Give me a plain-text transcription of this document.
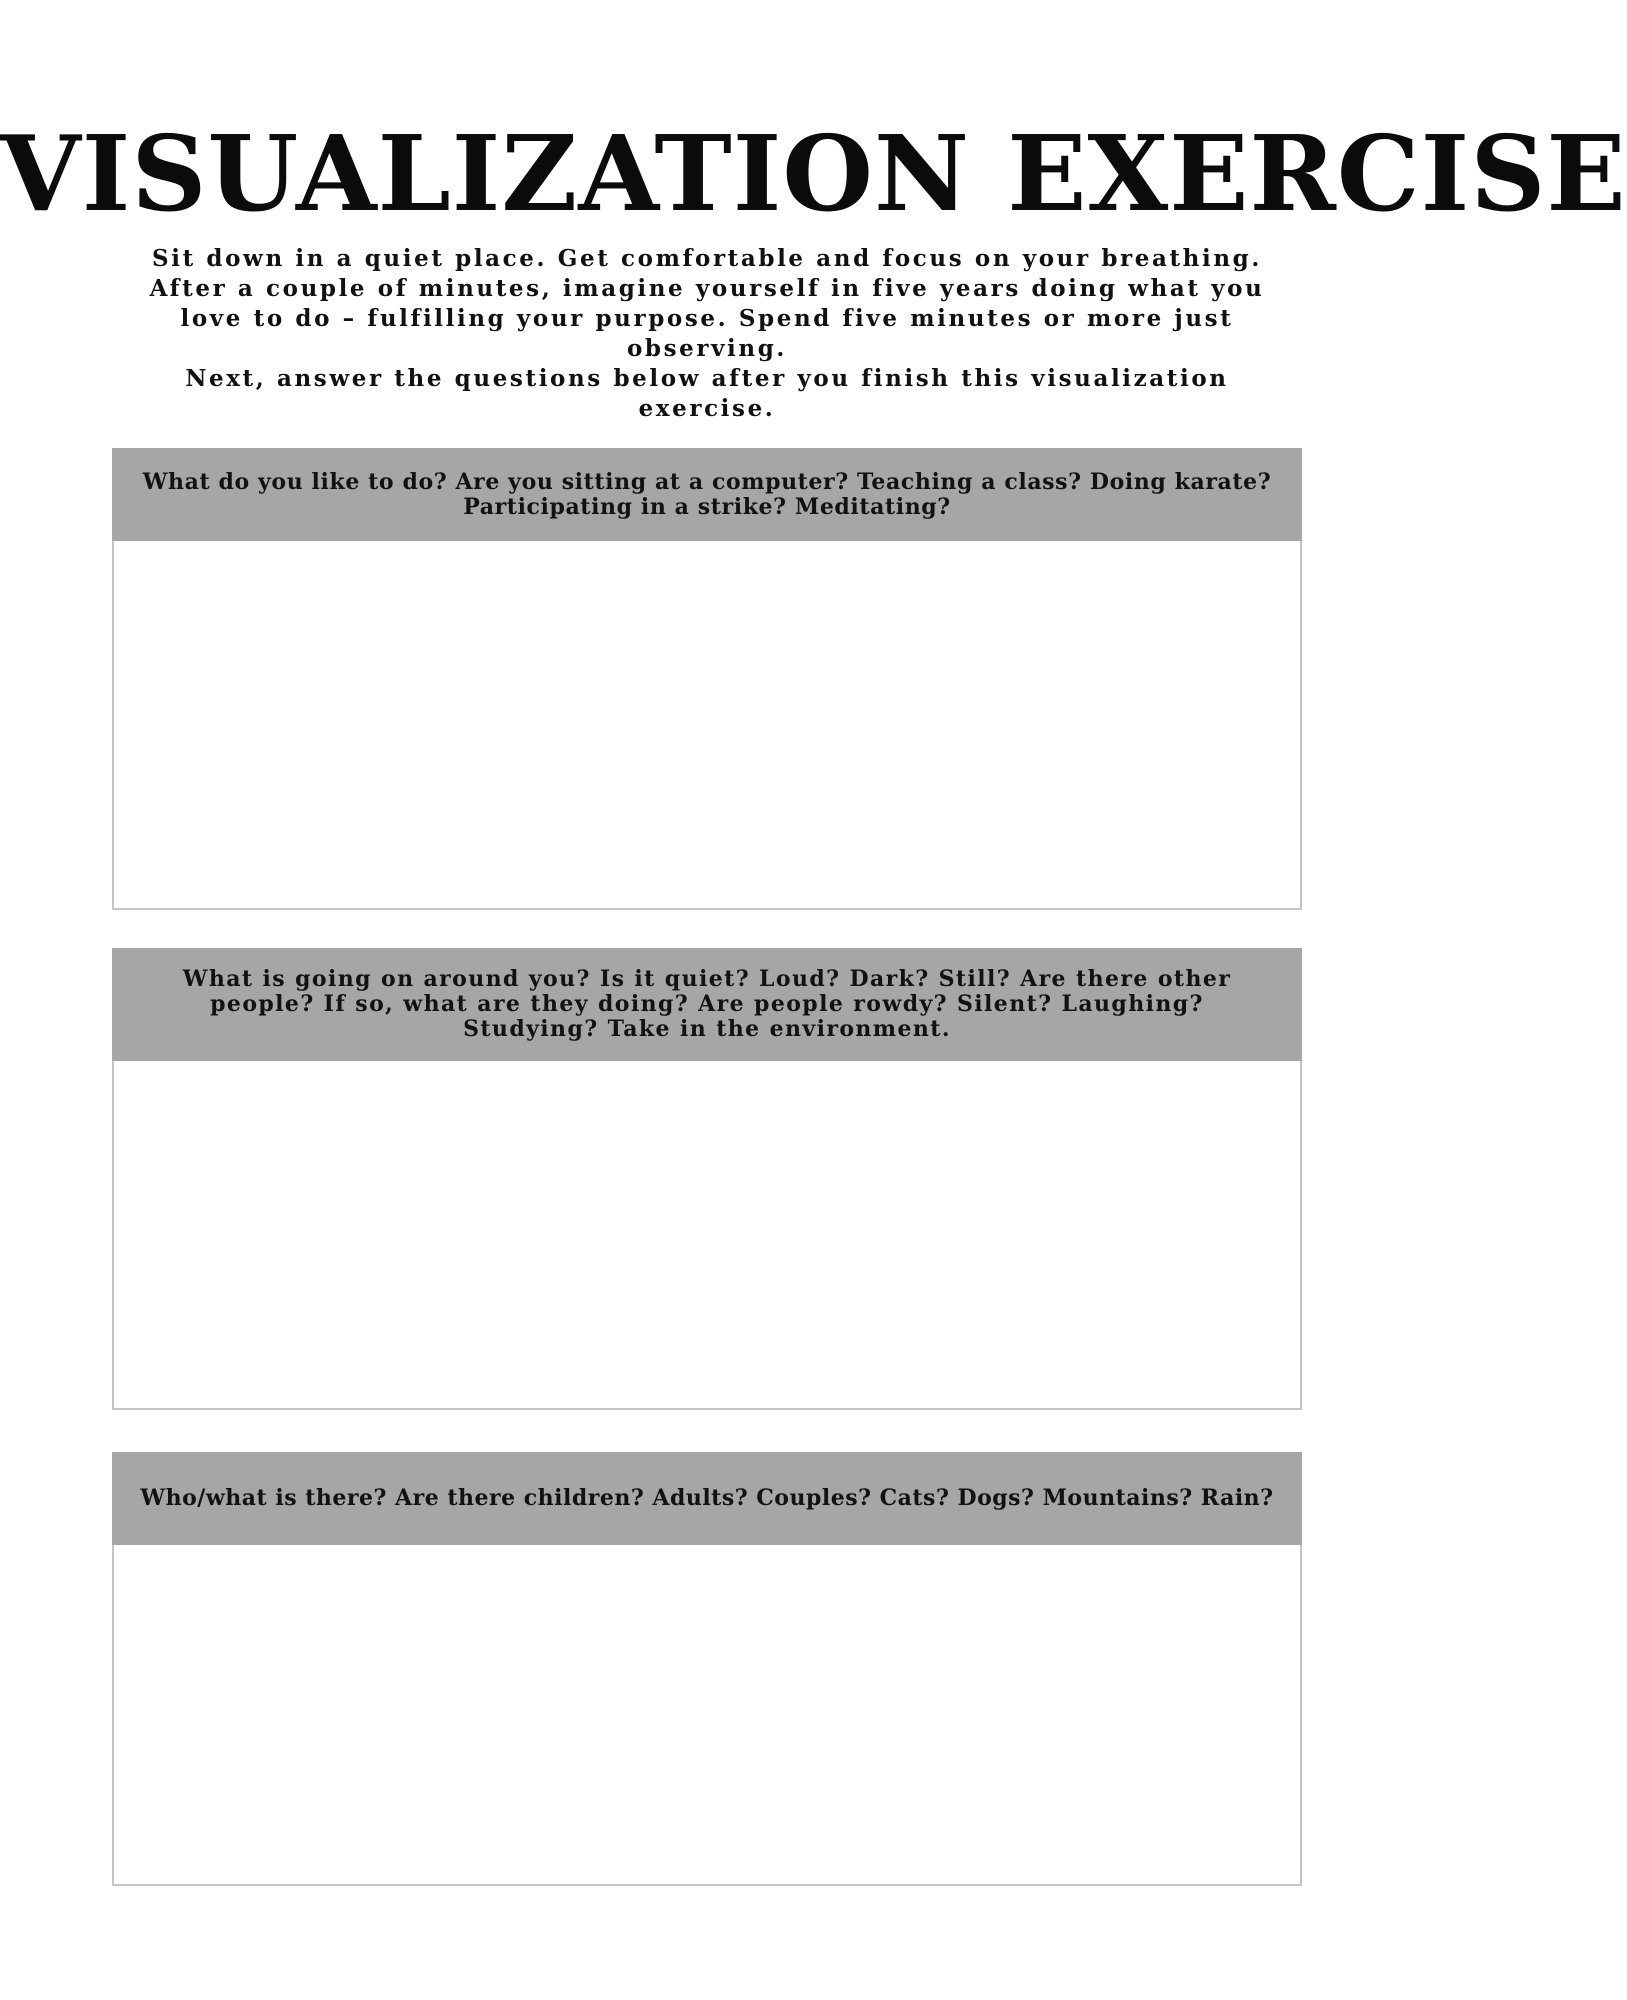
VISUALIZATION EXERCISE

Sit down in a quiet place. Get comfortable and focus on your breathing. After a couple of minutes, imagine yourself in five years doing what you love to do – fulfilling your purpose. Spend five minutes or more just observing.

Next, answer the questions below after you finish this visualization exercise.

What do you like to do? Are you sitting at a computer? Teaching a class? Doing karate? Participating in a strike? Meditating?
What is going on around you? Is it quiet? Loud? Dark? Still? Are there other people? If so, what are they doing? Are people rowdy? Silent? Laughing? Studying? Take in the environment.
Who/what is there? Are there children? Adults? Couples? Cats? Dogs? Mountains? Rain?
